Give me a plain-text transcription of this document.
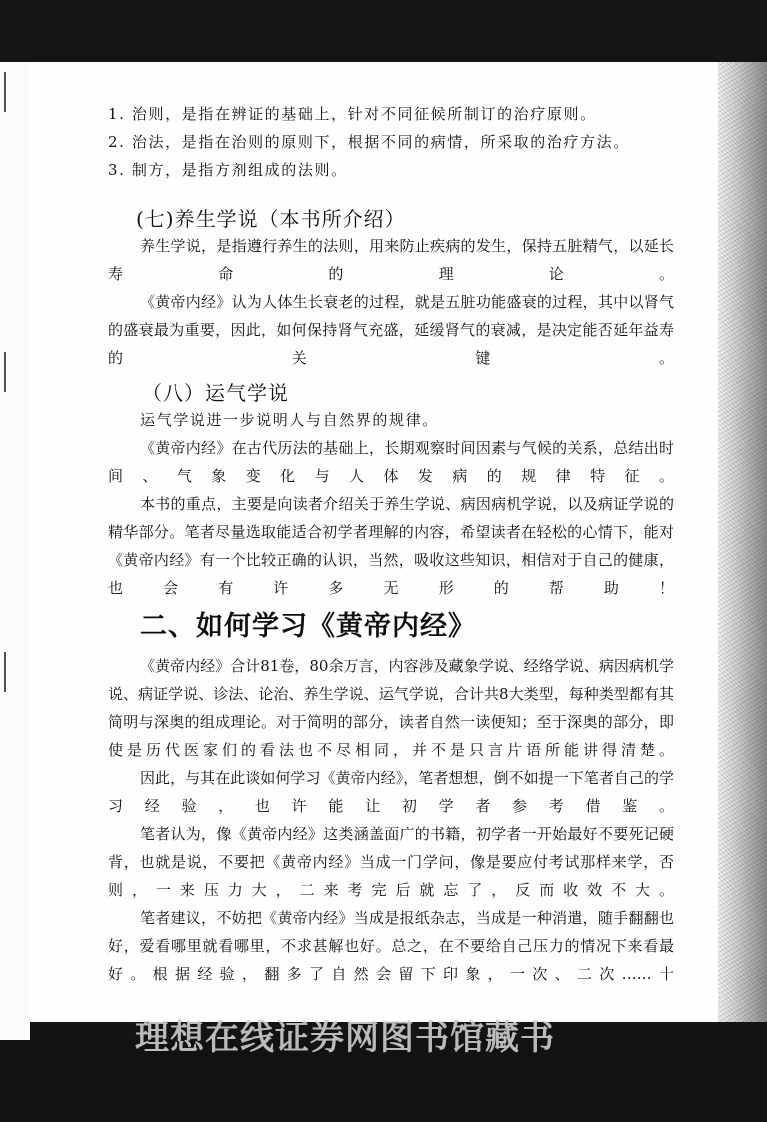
1. 治则，是指在辨证的基础上，针对不同征候所制订的治疗原则。
2. 治法，是指在治则的原则下，根据不同的病情，所采取的治疗方法。
3. 制方，是指方剂组成的法则。
(七)养生学说（本书所介绍）
养生学说，是指遵行养生的法则，用来防止疾病的发生，保持五脏精气，以延长寿命的理论。
《黄帝内经》认为人体生长衰老的过程，就是五脏功能盛衰的过程，其中以肾气的盛衰最为重要，因此，如何保持肾气充盛，延缓肾气的衰减，是决定能否延年益寿的关键。
（八）运气学说
运气学说进一步说明人与自然界的规律。
《黄帝内经》在古代历法的基础上，长期观察时间因素与气候的关系，总结出时间、气象变化与人体发病的规律特征。
本书的重点，主要是向读者介绍关于养生学说、病因病机学说，以及病证学说的精华部分。笔者尽量选取能适合初学者理解的内容，希望读者在轻松的心情下，能对《黄帝内经》有一个比较正确的认识，当然，吸收这些知识，相信对于自己的健康，也会有许多无形的帮助！
二、如何学习《黄帝内经》
《黄帝内经》合计81卷，80余万言，内容涉及藏象学说、经络学说、病因病机学说、病证学说、诊法、论治、养生学说、运气学说，合计共8大类型，每种类型都有其简明与深奥的组成理论。对于简明的部分，读者自然一读便知；至于深奥的部分，即使是历代医家们的看法也不尽相同，并不是只言片语所能讲得清楚。
因此，与其在此谈如何学习《黄帝内经》，笔者想想，倒不如提一下笔者自己的学习经验，也许能让初学者参考借鉴。
笔者认为，像《黄帝内经》这类涵盖面广的书籍，初学者一开始最好不要死记硬背，也就是说，不要把《黄帝内经》当成一门学问，像是要应付考试那样来学，否则，一来压力大，二来考完后就忘了，反而收效不大。
笔者建议，不妨把《黄帝内经》当成是报纸杂志，当成是一种消遣，随手翻翻也好，爱看哪里就看哪里，不求甚解也好。总之，在不要给自己压力的情况下来看最好。根据经验，翻多了自然会留下印象，一次、二次……十
理想在线证券网图书馆藏书
